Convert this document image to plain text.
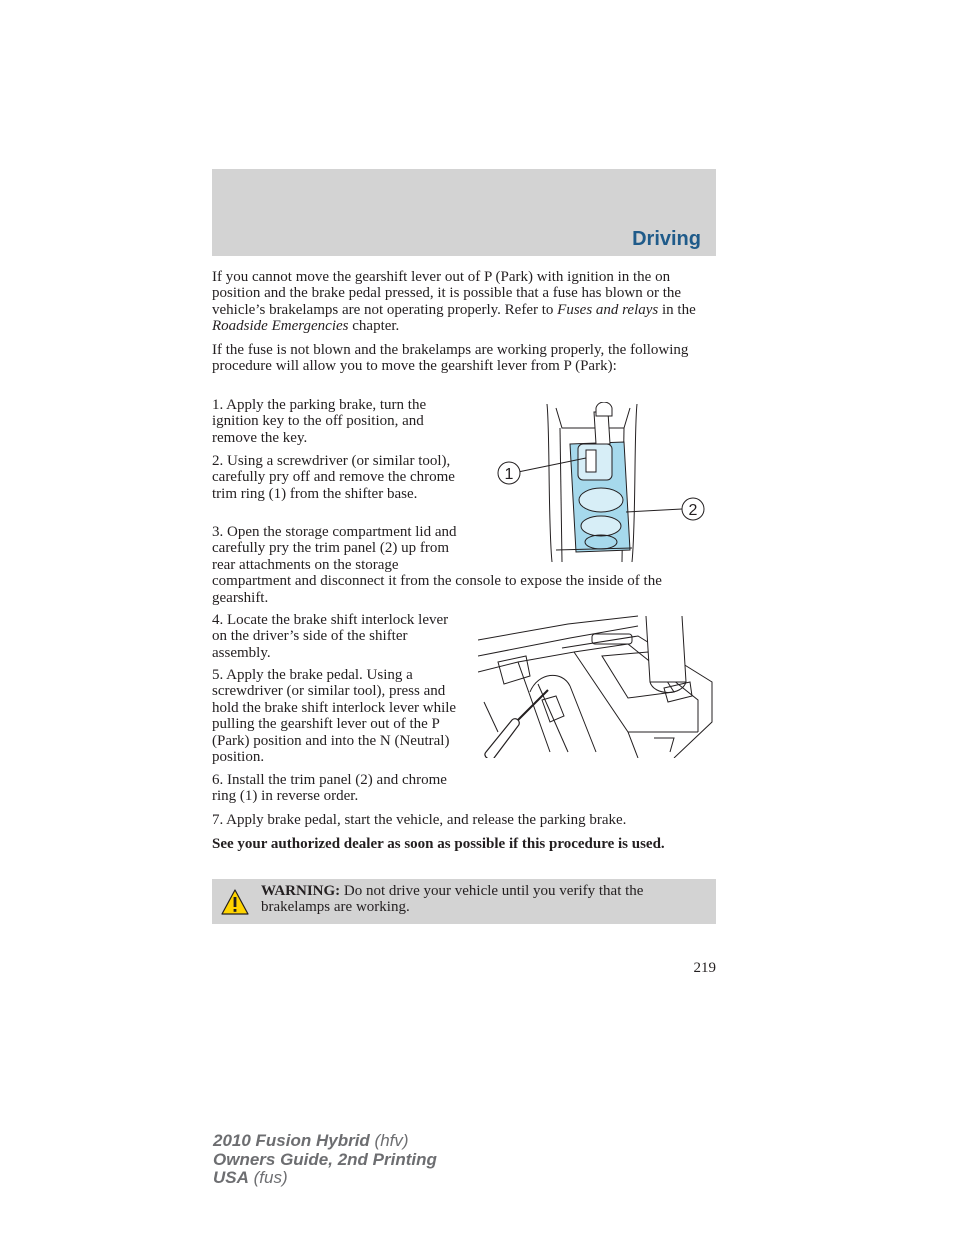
Driving

If you cannot move the gearshift lever out of P (Park) with ignition in the on position and the brake pedal pressed, it is possible that a fuse has blown or the vehicle’s brakelamps are not operating properly. Refer to Fuses and relays in the Roadside Emergencies chapter.

If the fuse is not blown and the brakelamps are working properly, the following procedure will allow you to move the gearshift lever from P (Park):

1. Apply the parking brake, turn the ignition key to the off position, and remove the key.

2. Using a screwdriver (or similar tool), carefully pry off and remove the chrome trim ring (1) from the shifter base.

3. Open the storage compartment lid and carefully pry the trim panel (2) up from rear attachments on the storage compartment and disconnect it from the console to expose the inside of the gearshift.

1
2

4. Locate the brake shift interlock lever on the driver’s side of the shifter assembly.

5. Apply the brake pedal. Using a screwdriver (or similar tool), press and hold the brake shift interlock lever while pulling the gearshift lever out of the P (Park) position and into the N (Neutral) position.

6. Install the trim panel (2) and chrome ring (1) in reverse order.

7. Apply brake pedal, start the vehicle, and release the parking brake.

See your authorized dealer as soon as possible if this procedure is used.

WARNING: Do not drive your vehicle until you verify that the brakelamps are working.

219

2010 Fusion Hybrid (hfv)
Owners Guide, 2nd Printing
USA (fus)
